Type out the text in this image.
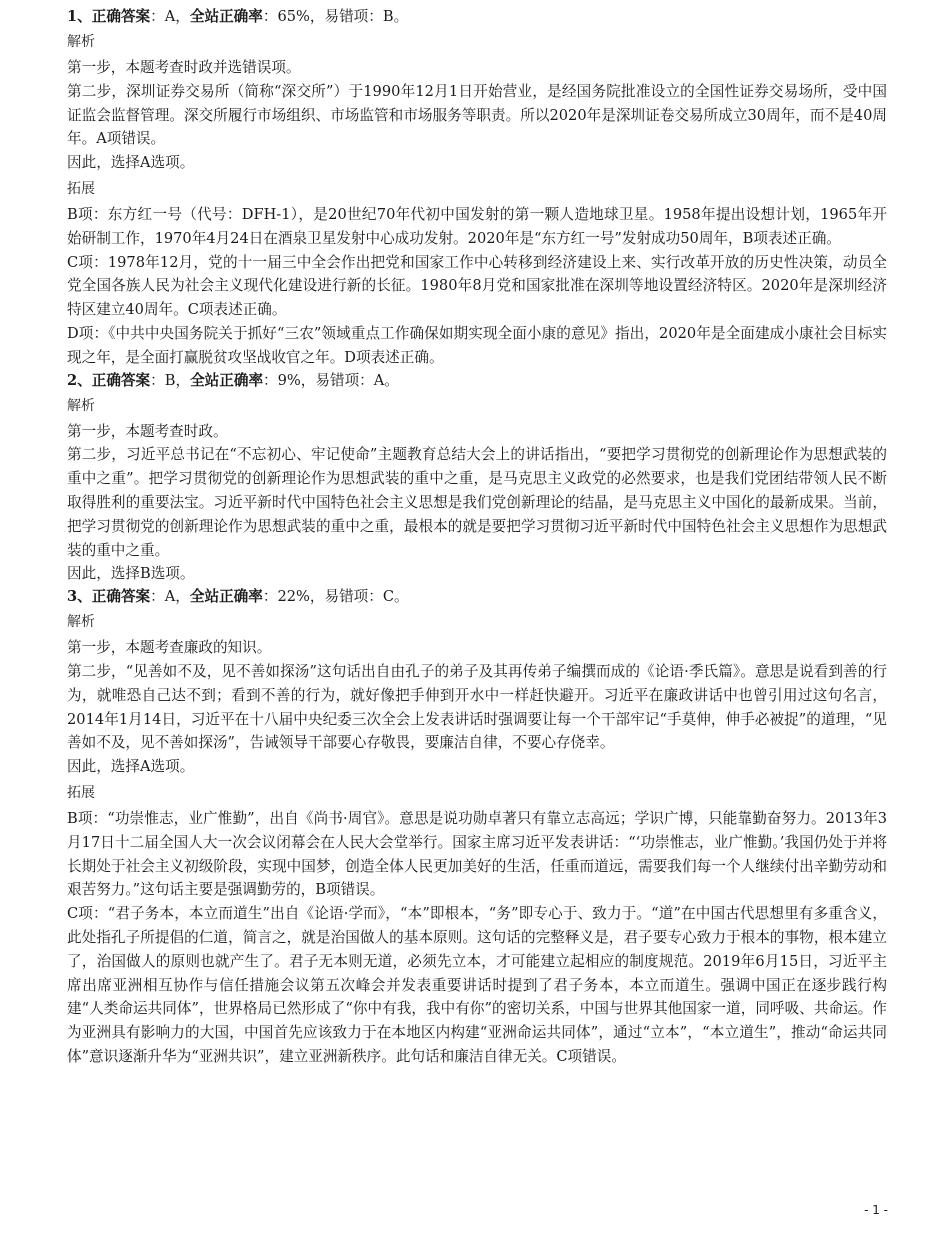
1、正确答案：A，全站正确率：65%，易错项：B。
解析

第一步，本题考查时政并选错误项。

第二步，深圳证券交易所（简称“深交所”）于1990年12月1日开始营业，是经国务院批准设立的全国性证券交易场所，受中国证监会监督管理。深交所履行市场组织、市场监管和市场服务等职责。所以2020年是深圳证卷交易所成立30周年，而不是40周年。A项错误。

因此，选择A选项。

拓展

B项：东方红一号（代号：DFH-1），是20世纪70年代初中国发射的第一颗人造地球卫星。1958年提出设想计划，1965年开始研制工作，1970年4月24日在酒泉卫星发射中心成功发射。2020年是“东方红一号”发射成功50周年，B项表述正确。

C项：1978年12月，党的十一届三中全会作出把党和国家工作中心转移到经济建设上来、实行改革开放的历史性决策，动员全党全国各族人民为社会主义现代化建设进行新的长征。1980年8月党和国家批准在深圳等地设置经济特区。2020年是深圳经济特区建立40周年。C项表述正确。

D项：《中共中央国务院关于抓好“三农”领域重点工作确保如期实现全面小康的意见》指出，2020年是全面建成小康社会目标实现之年，是全面打赢脱贫攻坚战收官之年。D项表述正确。

2、正确答案：B，全站正确率：9%，易错项：A。
解析

第一步，本题考查时政。

第二步，习近平总书记在“不忘初心、牢记使命”主题教育总结大会上的讲话指出，“要把学习贯彻党的创新理论作为思想武装的重中之重”。把学习贯彻党的创新理论作为思想武装的重中之重，是马克思主义政党的必然要求，也是我们党团结带领人民不断取得胜利的重要法宝。习近平新时代中国特色社会主义思想是我们党创新理论的结晶，是马克思主义中国化的最新成果。当前，把学习贯彻党的创新理论作为思想武装的重中之重，最根本的就是要把学习贯彻习近平新时代中国特色社会主义思想作为思想武装的重中之重。

因此，选择B选项。

3、正确答案：A，全站正确率：22%，易错项：C。
解析

第一步，本题考查廉政的知识。

第二步，“见善如不及，见不善如探汤”这句话出自由孔子的弟子及其再传弟子编撰而成的《论语·季氏篇》。意思是说看到善的行为，就唯恐自己达不到；看到不善的行为，就好像把手伸到开水中一样赶快避开。习近平在廉政讲话中也曾引用过这句名言，2014年1月14日，习近平在十八届中央纪委三次全会上发表讲话时强调要让每一个干部牢记“手莫伸，伸手必被捉”的道理，“见善如不及，见不善如探汤”，告诫领导干部要心存敬畏，要廉洁自律，不要心存侥幸。

因此，选择A选项。

拓展

B项：“功崇惟志，业广惟勤”，出自《尚书·周官》。意思是说功勋卓著只有靠立志高远；学识广博，只能靠勤奋努力。2013年3月17日十二届全国人大一次会议闭幕会在人民大会堂举行。国家主席习近平发表讲话：“‘功崇惟志，业广惟勤。’我国仍处于并将长期处于社会主义初级阶段，实现中国梦，创造全体人民更加美好的生活，任重而道远，需要我们每一个人继续付出辛勤劳动和艰苦努力。”这句话主要是强调勤劳的，B项错误。

C项：“君子务本，本立而道生”出自《论语·学而》，“本”即根本，“务”即专心于、致力于。“道”在中国古代思想里有多重含义，此处指孔子所提倡的仁道，简言之，就是治国做人的基本原则。这句话的完整释义是，君子要专心致力于根本的事物，根本建立了，治国做人的原则也就产生了。君子无本则无道，必须先立本，才可能建立起相应的制度规范。2019年6月15日，习近平主席出席亚洲相互协作与信任措施会议第五次峰会并发表重要讲话时提到了君子务本，本立而道生。强调中国正在逐步践行构建“人类命运共同体”，世界格局已然形成了“你中有我，我中有你”的密切关系，中国与世界其他国家一道，同呼吸、共命运。作为亚洲具有影响力的大国，中国首先应该致力于在本地区内构建“亚洲命运共同体”，通过“立本”，“本立道生”，推动“命运共同体”意识逐渐升华为“亚洲共识”，建立亚洲新秩序。此句话和廉洁自律无关。C项错误。

- 1 -
